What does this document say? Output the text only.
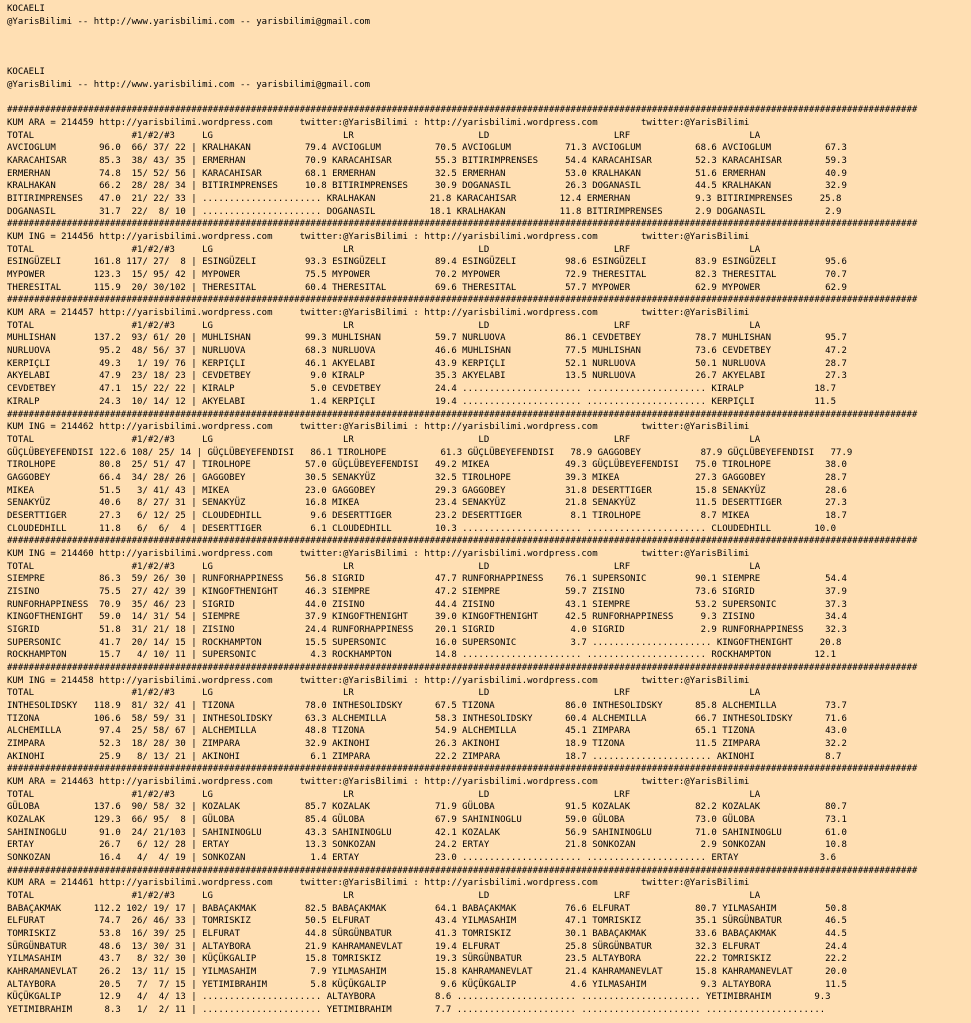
KOCAELI
@YarisBilimi -- http://www.yarisbilimi.com -- yarisbilimi@gmail.com
KOCAELI
@YarisBilimi -- http://www.yarisbilimi.com -- yarisbilimi@gmail.com
########################################################################################################################################################################
KUM ARA = 214459 http://yarisbilimi.wordpress.com     twitter:@YarisBilimi : http://yarisbilimi.wordpress.com        twitter:@YarisBilimi
TOTAL                  #1/#2/#3     LG                        LR                       LD                       LRF                      LA
AVCIOGLUM        96.0  66/ 37/ 22 | KRALHAKAN          79.4 AVCIOGLUM          70.5 AVCIOGLUM          71.3 AVCIOGLUM          68.6 AVCIOGLUM          67.3
KARACAHISAR      85.3  38/ 43/ 35 | ERMERHAN           70.9 KARACAHISAR        55.3 BITIRIMPRENSES     54.4 KARACAHISAR        52.3 KARACAHISAR        59.3
ERMERHAN         74.8  15/ 52/ 56 | KARACAHISAR        68.1 ERMERHAN           32.5 ERMERHAN           53.0 KRALHAKAN          51.6 ERMERHAN           40.9
KRALHAKAN        66.2  28/ 28/ 34 | BITIRIMPRENSES     10.8 BITIRIMPRENSES     30.9 DOGANASIL          26.3 DOGANASIL          44.5 KRALHAKAN          32.9
BITIRIMPRENSES   47.0  21/ 22/ 33 | ...................... KRALHAKAN          21.8 KARACAHISAR        12.4 ERMERHAN            9.3 BITIRIMPRENSES     25.8
DOGANASIL        31.7  22/  8/ 10 | ...................... DOGANASIL          18.1 KRALHAKAN          11.8 BITIRIMPRENSES      2.9 DOGANASIL           2.9
########################################################################################################################################################################
KUM ING = 214456 http://yarisbilimi.wordpress.com     twitter:@YarisBilimi : http://yarisbilimi.wordpress.com        twitter:@YarisBilimi
TOTAL                  #1/#2/#3     LG                        LR                       LD                       LRF                      LA
ESINGÜZELI      161.8 117/ 27/  8 | ESINGÜZELI         93.3 ESINGÜZELI         89.4 ESINGÜZELI         98.6 ESINGÜZELI         83.9 ESINGÜZELI         95.6
MYPOWER         123.3  15/ 95/ 42 | MYPOWER            75.5 MYPOWER            70.2 MYPOWER            72.9 THERESITAL         82.3 THERESITAL         70.7
THERESITAL      115.9  20/ 30/102 | THERESITAL         60.4 THERESITAL         69.6 THERESITAL         57.7 MYPOWER            62.9 MYPOWER            62.9
########################################################################################################################################################################
KUM ARA = 214457 http://yarisbilimi.wordpress.com     twitter:@YarisBilimi : http://yarisbilimi.wordpress.com        twitter:@YarisBilimi
TOTAL                  #1/#2/#3     LG                        LR                       LD                       LRF                      LA
MUHLISHAN       137.2  93/ 61/ 20 | MUHLISHAN          99.3 MUHLISHAN          59.7 NURLUOVA           86.1 CEVDETBEY          78.7 MUHLISHAN          95.7
NURLUOVA         95.2  48/ 56/ 37 | NURLUOVA           68.3 NURLUOVA           46.6 MUHLISHAN          77.5 MUHLISHAN          73.6 CEVDETBEY          47.2
KERPIÇLI         49.3   1/ 19/ 76 | KERPIÇLI           46.1 AKYELABI           43.9 KERPIÇLI           52.1 NURLUOVA           50.1 NURLUOVA           28.7
AKYELABI         47.9  23/ 18/ 23 | CEVDETBEY           9.0 KIRALP             35.3 AKYELABI           13.5 NURLUOVA           26.7 AKYELABI           27.3
CEVDETBEY        47.1  15/ 22/ 22 | KIRALP              5.0 CEVDETBEY          24.4 ...................... ...................... KIRALP             18.7
KIRALP           24.3  10/ 14/ 12 | AKYELABI            1.4 KERPIÇLI           19.4 ...................... ...................... KERPIÇLI           11.5
########################################################################################################################################################################
KUM ING = 214462 http://yarisbilimi.wordpress.com     twitter:@YarisBilimi : http://yarisbilimi.wordpress.com        twitter:@YarisBilimi
TOTAL                  #1/#2/#3     LG                        LR                       LD                       LRF                      LA
GÜÇLÜBEYEFENDISI 122.6 108/ 25/ 14 | GÜÇLÜBEYEFENDISI   86.1 TIROLHOPE          61.3 GÜÇLÜBEYEFENDISI   78.9 GAGGOBEY           87.9 GÜÇLÜBEYEFENDISI   77.9
TIROLHOPE        80.8  25/ 51/ 47 | TIROLHOPE          57.0 GÜÇLÜBEYEFENDISI   49.2 MIKEA              49.3 GÜÇLÜBEYEFENDISI   75.0 TIROLHOPE          38.0
GAGGOBEY         66.4  34/ 28/ 26 | GAGGOBEY           30.5 SENAKYÜZ           32.5 TIROLHOPE          39.3 MIKEA              27.3 GAGGOBEY           28.7
MIKEA            51.5   3/ 41/ 43 | MIKEA              23.0 GAGGOBEY           29.3 GAGGOBEY           31.8 DESERTTIGER        15.8 SENAKYÜZ           28.6
SENAKYÜZ         40.6   8/ 27/ 31 | SENAKYÜZ           16.8 MIKEA              23.4 SENAKYÜZ           21.8 SENAKYÜZ           11.5 DESERTTIGER        27.3
DESERTTIGER      27.3   6/ 12/ 25 | CLOUDEDHILL         9.6 DESERTTIGER        23.2 DESERTTIGER         8.1 TIROLHOPE           8.7 MIKEA              18.7
CLOUDEDHILL      11.8   6/  6/  4 | DESERTTIGER         6.1 CLOUDEDHILL        10.3 ...................... ...................... CLOUDEDHILL        10.0
########################################################################################################################################################################
KUM ING = 214460 http://yarisbilimi.wordpress.com     twitter:@YarisBilimi : http://yarisbilimi.wordpress.com        twitter:@YarisBilimi
TOTAL                  #1/#2/#3     LG                        LR                       LD                       LRF                      LA
SIEMPRE          86.3  59/ 26/ 30 | RUNFORHAPPINESS    56.8 SIGRID             47.7 RUNFORHAPPINESS    76.1 SUPERSONIC         90.1 SIEMPRE            54.4
ZISINO           75.5  27/ 42/ 39 | KINGOFTHENIGHT     46.3 SIEMPRE            47.2 SIEMPRE            59.7 ZISINO             73.6 SIGRID             37.9
RUNFORHAPPINESS  70.9  35/ 46/ 23 | SIGRID             44.0 ZISINO             44.4 ZISINO             43.1 SIEMPRE            53.2 SUPERSONIC         37.3
KINGOFTHENIGHT   59.0  14/ 31/ 54 | SIEMPRE            37.9 KINGOFTHENIGHT     39.0 KINGOFTHENIGHT     42.5 RUNFORHAPPINESS     9.3 ZISINO             34.4
SIGRID           51.8  31/ 21/ 18 | ZISINO             24.4 RUNFORHAPPINESS    20.1 SIGRID              4.0 SIGRID              2.9 RUNFORHAPPINESS    32.3
SUPERSONIC       41.7  20/ 14/ 15 | ROCKHAMPTON        15.5 SUPERSONIC         16.0 SUPERSONIC          3.7 ...................... KINGOFTHENIGHT     20.8
ROCKHAMPTON      15.7   4/ 10/ 11 | SUPERSONIC          4.3 ROCKHAMPTON        14.8 ...................... ...................... ROCKHAMPTON        12.1
########################################################################################################################################################################
KUM ING = 214458 http://yarisbilimi.wordpress.com     twitter:@YarisBilimi : http://yarisbilimi.wordpress.com        twitter:@YarisBilimi
TOTAL                  #1/#2/#3     LG                        LR                       LD                       LRF                      LA
INTHESOLIDSKY   118.9  81/ 32/ 41 | TIZONA             78.0 INTHESOLIDSKY      67.5 TIZONA             86.0 INTHESOLIDSKY      85.8 ALCHEMILLA         73.7
TIZONA          106.6  58/ 59/ 31 | INTHESOLIDSKY      63.3 ALCHEMILLA         58.3 INTHESOLIDSKY      60.4 ALCHEMILLA         66.7 INTHESOLIDSKY      71.6
ALCHEMILLA       97.4  25/ 58/ 67 | ALCHEMILLA         48.8 TIZONA             54.9 ALCHEMILLA         45.1 ZIMPARA            65.1 TIZONA             43.0
ZIMPARA          52.3  18/ 28/ 30 | ZIMPARA            32.9 AKINOHI            26.3 AKINOHI            18.9 TIZONA             11.5 ZIMPARA            32.2
AKINOHI          25.9   8/ 13/ 21 | AKINOHI             6.1 ZIMPARA            22.2 ZIMPARA            18.7 ...................... AKINOHI             8.7
########################################################################################################################################################################
KUM ARA = 214463 http://yarisbilimi.wordpress.com     twitter:@YarisBilimi : http://yarisbilimi.wordpress.com        twitter:@YarisBilimi
TOTAL                  #1/#2/#3     LG                        LR                       LD                       LRF                      LA
GÜLOBA          137.6  90/ 58/ 32 | KOZALAK            85.7 KOZALAK            71.9 GÜLOBA             91.5 KOZALAK            82.2 KOZALAK            80.7
KOZALAK         129.3  66/ 95/  8 | GÜLOBA             85.4 GÜLOBA             67.9 SAHININOGLU        59.0 GÜLOBA             73.0 GÜLOBA             73.1
SAHININOGLU      91.0  24/ 21/103 | SAHININOGLU        43.3 SAHININOGLU        42.1 KOZALAK            56.9 SAHININOGLU        71.0 SAHININOGLU        61.0
ERTAY            26.7   6/ 12/ 28 | ERTAY              13.3 SONKOZAN           24.2 ERTAY              21.8 SONKOZAN            2.9 SONKOZAN           10.8
SONKOZAN         16.4   4/  4/ 19 | SONKOZAN            1.4 ERTAY              23.0 ...................... ...................... ERTAY               3.6
########################################################################################################################################################################
KUM ARA = 214461 http://yarisbilimi.wordpress.com     twitter:@YarisBilimi : http://yarisbilimi.wordpress.com        twitter:@YarisBilimi
TOTAL                  #1/#2/#3     LG                        LR                       LD                       LRF                      LA
BABAÇAKMAK      112.2 102/ 19/ 17 | BABAÇAKMAK         82.5 BABAÇAKMAK         64.1 BABAÇAKMAK         76.6 ELFURAT            80.7 YILMASAHIM         50.8
ELFURAT          74.7  26/ 46/ 33 | TOMRISKIZ          50.5 ELFURAT            43.4 YILMASAHIM         47.1 TOMRISKIZ          35.1 SÜRGÜNBATUR        46.5
TOMRISKIZ        53.8  16/ 39/ 25 | ELFURAT            44.8 SÜRGÜNBATUR        41.3 TOMRISKIZ          30.1 BABAÇAKMAK         33.6 BABAÇAKMAK         44.5
SÜRGÜNBATUR      48.6  13/ 30/ 31 | ALTAYBORA          21.9 KAHRAMANEVLAT      19.4 ELFURAT            25.8 SÜRGÜNBATUR        32.3 ELFURAT            24.4
YILMASAHIM       43.7   8/ 32/ 30 | KÜÇÜKGALIP         15.8 TOMRISKIZ          19.3 SÜRGÜNBATUR        23.5 ALTAYBORA          22.2 TOMRISKIZ          22.2
KAHRAMANEVLAT    26.2  13/ 11/ 15 | YILMASAHIM          7.9 YILMASAHIM         15.8 KAHRAMANEVLAT      21.4 KAHRAMANEVLAT      15.8 KAHRAMANEVLAT      20.0
ALTAYBORA        20.5   7/  7/ 15 | YETIMIBRAHIM        5.8 KÜÇÜKGALIP          9.6 KÜÇÜKGALIP          4.6 YILMASAHIM          9.3 ALTAYBORA          11.5
KÜÇÜKGALIP       12.9   4/  4/ 13 | ...................... ALTAYBORA           8.6 ...................... ...................... YETIMIBRAHIM        9.3
YETIMIBRAHIM      8.3   1/  2/ 11 | ...................... YETIMIBRAHIM        7.7 ...................... ...................... ......................
